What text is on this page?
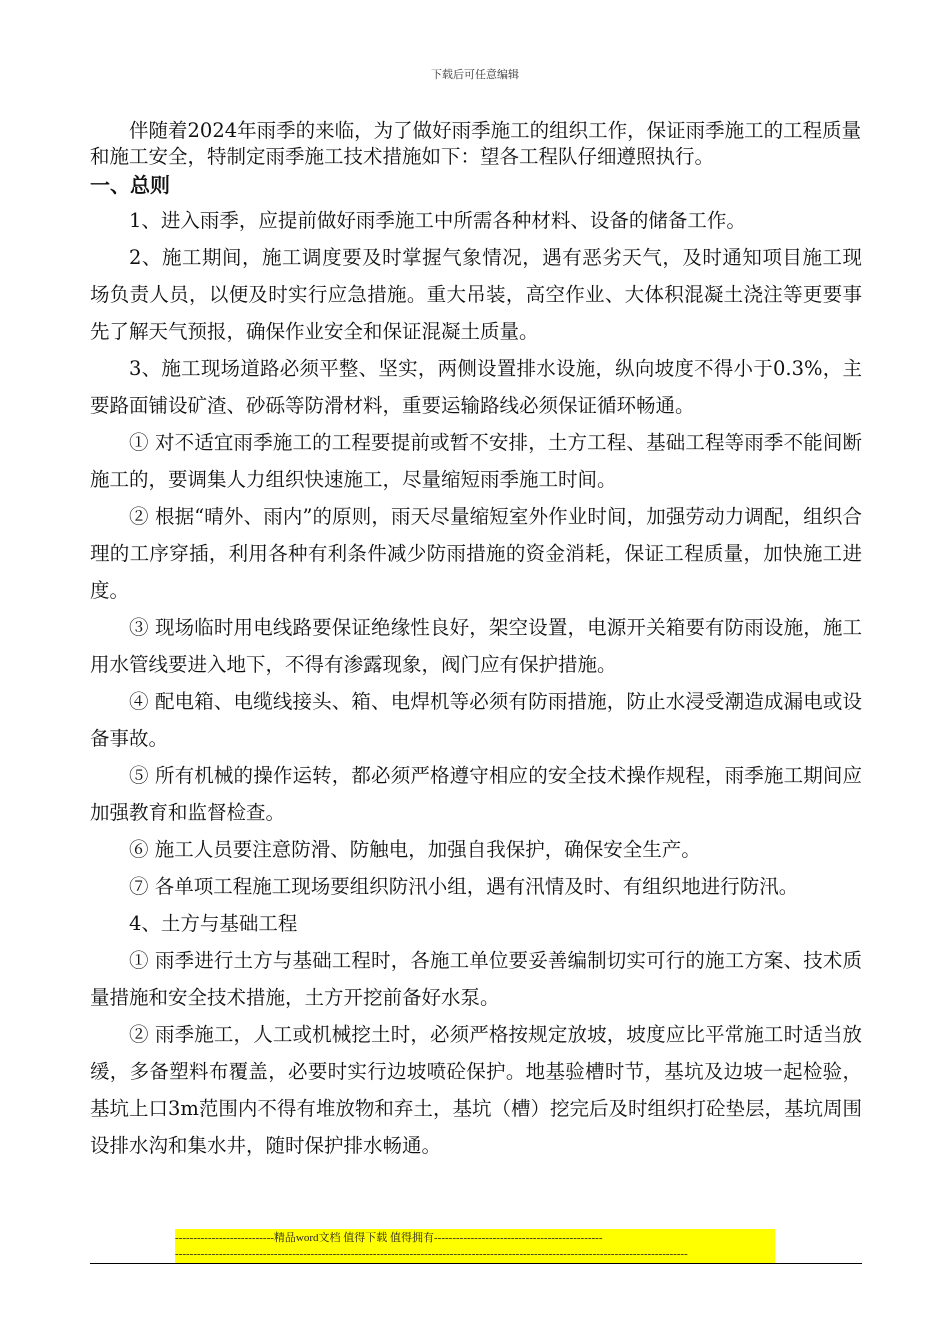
下载后可任意编辑

伴随着2024年雨季的来临，为了做好雨季施工的组织工作，保证雨季施工的工程质量和施工安全，特制定雨季施工技术措施如下：望各工程队仔细遵照执行。

一、总则

1、进入雨季，应提前做好雨季施工中所需各种材料、设备的储备工作。

2、施工期间，施工调度要及时掌握气象情况，遇有恶劣天气，及时通知项目施工现场负责人员，以便及时实行应急措施。重大吊装，高空作业、大体积混凝土浇注等更要事先了解天气预报，确保作业安全和保证混凝土质量。

3、施工现场道路必须平整、坚实，两侧设置排水设施，纵向坡度不得小于0.3%，主要路面铺设矿渣、砂砾等防滑材料，重要运输路线必须保证循环畅通。

① 对不适宜雨季施工的工程要提前或暂不安排，土方工程、基础工程等雨季不能间断施工的，要调集人力组织快速施工，尽量缩短雨季施工时间。

② 根据“晴外、雨内”的原则，雨天尽量缩短室外作业时间，加强劳动力调配，组织合理的工序穿插，利用各种有利条件减少防雨措施的资金消耗，保证工程质量，加快施工进度。

③ 现场临时用电线路要保证绝缘性良好，架空设置，电源开关箱要有防雨设施，施工用水管线要进入地下，不得有渗露现象，阀门应有保护措施。

④ 配电箱、电缆线接头、箱、电焊机等必须有防雨措施，防止水浸受潮造成漏电或设备事故。

⑤ 所有机械的操作运转，都必须严格遵守相应的安全技术操作规程，雨季施工期间应加强教育和监督检查。

⑥ 施工人员要注意防滑、防触电，加强自我保护，确保安全生产。

⑦ 各单项工程施工现场要组织防汛小组，遇有汛情及时、有组织地进行防汛。

4、土方与基础工程

① 雨季进行土方与基础工程时，各施工单位要妥善编制切实可行的施工方案、技术质量措施和安全技术措施，土方开挖前备好水泵。

② 雨季施工，人工或机械挖土时，必须严格按规定放坡，坡度应比平常施工时适当放缓，多备塑料布覆盖，必要时实行边坡喷砼保护。地基验槽时节，基坑及边坡一起检验，基坑上口3m范围内不得有堆放物和弃土，基坑（槽）挖完后及时组织打砼垫层，基坑周围设排水沟和集水井，随时保护排水畅通。

---------------------------精品word文档 值得下载 值得拥有----------------------------------------------
--------------------------------------------------------------------------------------------------------------------------------------------
